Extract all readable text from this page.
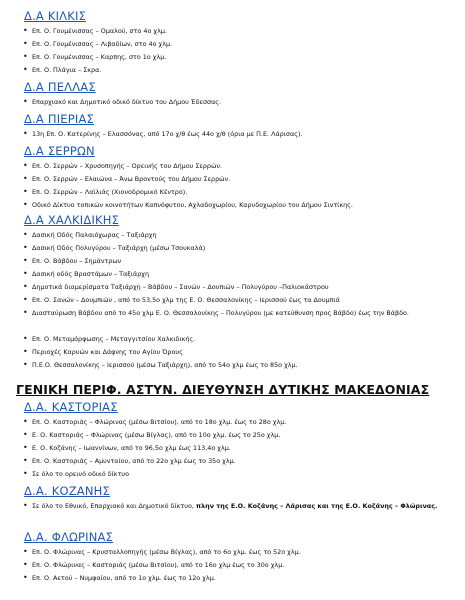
Δ.Α ΚΙΛΚΙΣ
• Επ. Ο. Γουμένισσας – Ομαλού, στο 4ο χλμ.
• Επ. Ο. Γουμένισσας – Λιβαδίων, στο 4ο χλμ.
• Επ. Ο. Γουμένισσας – Καρπης, στο 1ο χλμ.
• Επ. Ο. Πλάγια – Σκρα.
Δ.Α ΠΕΛΛΑΣ
• Επαρχιακό και Δημοτικό οδικό δίκτυο του Δήμου Έδεσσας.
Δ.Α ΠΙΕΡΙΑΣ
• 13η Επ. Ο. Κατερίνης – Ελασσόνας, από 17ο χ/θ έως 44ο χ/θ (όρια με Π.Ε. Λάρισας).
Δ.Α ΣΕΡΡΩΝ
• Επ. Ο. Σερρών – Χρυσοπηγής – Ορεινής του Δήμου Σερρών.
• Επ. Ο. Σερρών – Ελαιώνα – Άνω Βροντούς του Δήμου Σερρών.
• Επ. Ο. Σερρών – Λαϊλιάς (Χιονοδρομικό Κέντρο).
• Οδικό Δίκτυο τοπικών κοινοτήτων Καπνόφυτου, Αχλαδοχωρίου, Καρυδοχωρίου του Δήμου Σιντίκης.
Δ.Α ΧΑΛΚΙΔΙΚΗΣ
• Δασική Οδός Παλαιόχωρας – Ταξιάρχη
• Δασική Οδός Πολυγύρου – Ταξιάρχη (μέσω Τσουκαλά)
• Επ. Ο. Βάβδου – Σημάντρων
• Δασική οδός Βραστάμων – Ταξιάρχη
• Δημοτικά διαμερίσματα Ταξιάρχη – Βάβδου – Σανών – Δουπιών – Πολυγύρου –Παλιοκάστρου
• Επ. Ο. Σανών – Δουμπιών , από το 53,5ο χλμ της Ε. Ο. Θεσσαλονίκης – Ιερισσού έως τα Δουμπιά
• Διασταύρωση Βάβδου από το 45ο χλμ Ε. Ο. Θεσσαλονίκης – Πολυγύρου (με κατεύθυνση προς Βάβδο) έως την Βάβδο.
• Επ. Ο. Μεταμόρφωσης – Μεταγγιτσίου Χαλκιδικής.
• Περιοχές Καρυών και Δάφνης του Αγίου Όρους
• Π.Ε.Ο. Θεσσαλονίκης – Ιερισσού (μέσω Ταξιάρχη), από το 54ο χλμ έως το 85ο χλμ.
ΓΕΝΙΚΗ ΠΕΡΙΦ. ΑΣΤΥΝ. ΔΙΕΥΘΥΝΣΗ ΔΥΤΙΚΗΣ ΜΑΚΕΔΟΝΙΑΣ
Δ.Α. ΚΑΣΤΟΡΙΑΣ
• Επ. Ο. Καστοριάς – Φλώρινας (μέσω Βιτσίου), από το 18ο χλμ. έως το 28ο χλμ.
• Ε. Ο. Καστοριάς – Φλώρινας (μέσω Βίγλας), από το 10ο χλμ. έως το 25ο χλμ.
• Ε. Ο. Κοζάνης – Ιωαννίνων, από το 96,5ο χλμ έως 113,4ο χλμ.
• Επ. Ο. Καστοριάς – Αμυνταίου, από το 22ο χλμ έως το 35ο χλμ.
• Σε όλο το ορεινό οδικό δίκτυο
Δ.Α. ΚΟΖΑΝΗΣ
• Σε όλο το Εθνικό, Επαρχιακό και Δημοτικό δίκτυο, πλην της Ε.Ο. Κοζάνης – Λάρισας και της Ε.Ο. Κοζάνης – Φλώρινας.
Δ.Α. ΦΛΩΡΙΝΑΣ
• Επ. Ο. Φλώρινας – Κρυσταλλοπηγής (μέσω Βίγλας), από το 6ο χλμ. έως το 52ο χλμ.
• Επ. Ο. Φλώρινας – Καστοριάς (μέσω Βιτσίου), από το 16ο χλμ έως το 30ο χλμ.
• Επ. Ο. Αετού – Νυμφαίου, από το 1ο χλμ. έως το 12ο χλμ.
